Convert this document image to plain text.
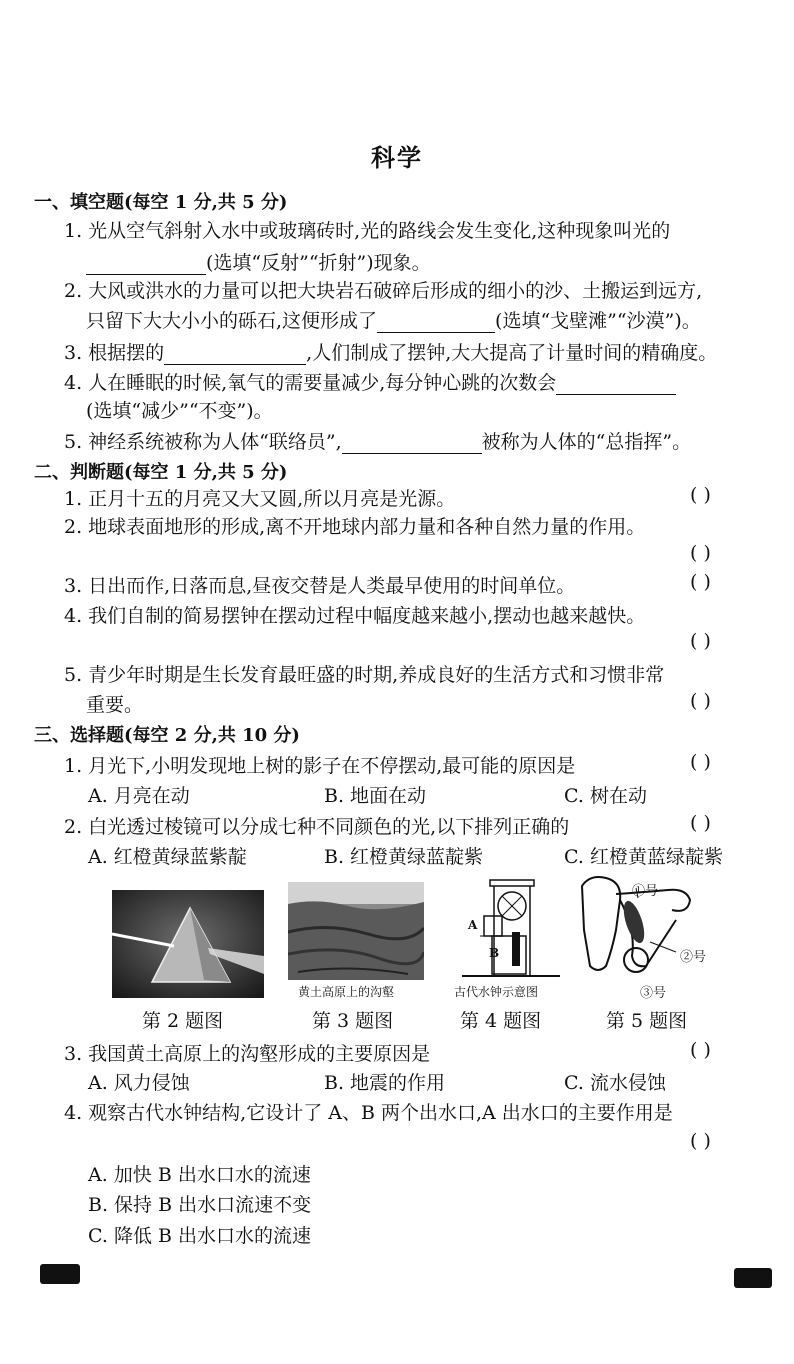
科学
一、填空题(每空 1 分,共 5 分)
1. 光从空气斜射入水中或玻璃砖时,光的路线会发生变化,这种现象叫光的
(选填“反射”“折射”)现象。
2. 大风或洪水的力量可以把大块岩石破碎后形成的细小的沙、土搬运到远方,
只留下大大小小的砾石,这便形成了	(选填“戈壁滩”“沙漠”)。
3. 根据摆的	,人们制成了摆钟,大大提高了计量时间的精确度。
4. 人在睡眠的时候,氧气的需要量减少,每分钟心跳的次数会
(选填“减少”“不变”)。
5. 神经系统被称为人体“联络员”,	被称为人体的“总指挥”。
二、判断题(每空 1 分,共 5 分)
1. 正月十五的月亮又大又圆,所以月亮是光源。	( )
2. 地球表面地形的形成,离不开地球内部力量和各种自然力量的作用。
( )
3. 日出而作,日落而息,昼夜交替是人类最早使用的时间单位。	( )
4. 我们自制的简易摆钟在摆动过程中幅度越来越小,摆动也越来越快。
( )
5. 青少年时期是生长发育最旺盛的时期,养成良好的生活方式和习惯非常
重要。	( )
三、选择题(每空 2 分,共 10 分)
1. 月光下,小明发现地上树的影子在不停摆动,最可能的原因是	( )
A. 月亮在动	B. 地面在动	C. 树在动
2. 白光透过棱镜可以分成七种不同颜色的光,以下排列正确的	( )
A. 红橙黄绿蓝紫靛	B. 红橙黄绿蓝靛紫	C. 红橙黄蓝绿靛紫
黄土高原上的沟壑
A
B
古代水钟示意图
①号
②号
③号
第 2 题图	第 3 题图	第 4 题图	第 5 题图
3. 我国黄土高原上的沟壑形成的主要原因是	( )
A. 风力侵蚀	B. 地震的作用	C. 流水侵蚀
4. 观察古代水钟结构,它设计了 A、B 两个出水口,A 出水口的主要作用是
( )
A. 加快 B 出水口水的流速
B. 保持 B 出水口流速不变
C. 降低 B 出水口水的流速
